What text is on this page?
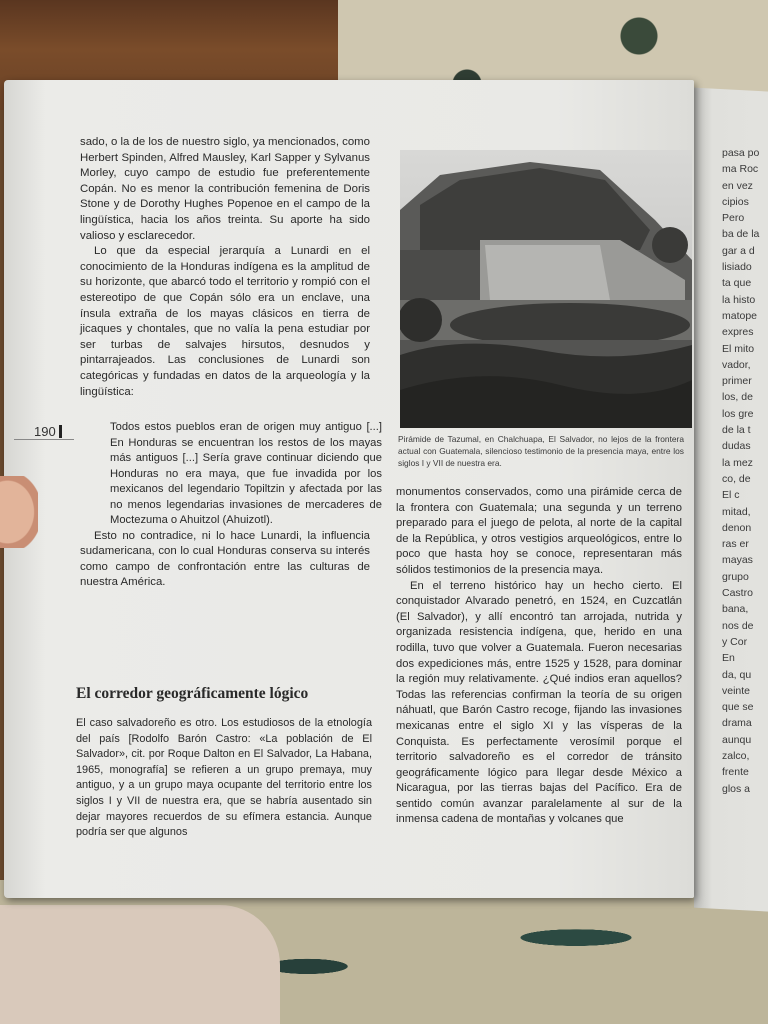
pasa po
ma Roc
en vez
cipios
Pero
ba de la
gar a d
lisiado
ta que
la histo
matope
expres
El mito
vador,
primer
los, de
los gre
de la t
dudas
la mez
co, de
El c
mitad,
denon
ras er
mayas
grupo
Castro
bana,
nos de
y Cor
En
da, qu
veinte
que se
drama
aunqu
zalco,
frente
glos a
190

sado, o la de los de nuestro siglo, ya mencionados, como Herbert Spinden, Alfred Mausley, Karl Sapper y Sylvanus Morley, cuyo campo de estudio fue preferentemente Copán. No es menor la contribución femenina de Doris Stone y de Dorothy Hughes Popenoe en el campo de la lingüística, hacia los años treinta. Su aporte ha sido valioso y esclarecedor.

Lo que da especial jerarquía a Lunardi en el conocimiento de la Honduras indígena es la amplitud de su horizonte, que abarcó todo el territorio y rompió con el estereotipo de que Copán sólo era un enclave, una ínsula extraña de los mayas clásicos en tierra de jicaques y chontales, que no valía la pena estudiar por ser turbas de salvajes hirsutos, desnudos y pintarrajeados. Las conclusiones de Lunardi son categóricas y fundadas en datos de la arqueología y la lingüística:

Todos estos pueblos eran de origen muy antiguo [...] En Honduras se encuentran los restos de los mayas más antiguos [...] Sería grave continuar diciendo que Honduras no era maya, que fue invadida por los mexicanos del legendario Topiltzin y afectada por las no menos legendarias invasiones de mercaderes de Moctezuma o Ahuitzol (Ahuizotl).

Esto no contradice, ni lo hace Lunardi, la influencia sudamericana, con lo cual Honduras conserva su interés como campo de confrontación entre las culturas de nuestra América.

El corredor geográficamente lógico

El caso salvadoreño es otro. Los estudiosos de la etnología del país [Rodolfo Barón Castro: «La población de El Salvador», cit. por Roque Dalton en El Salvador, La Habana, 1965, monografía] se refieren a un grupo premaya, muy antiguo, y a un grupo maya ocupante del territorio entre los siglos I y VII de nuestra era, que se habría ausentado sin dejar mayores recuerdos de su efímera estancia. Aunque podría ser que algunos

Pirámide de Tazumal, en Chalchuapa, El Salvador, no lejos de la frontera actual con Guatemala, silencioso testimonio de la presencia maya, entre los siglos I y VII de nuestra era.

monumentos conservados, como una pirámide cerca de la frontera con Guatemala; una segunda y un terreno preparado para el juego de pelota, al norte de la capital de la República, y otros vestigios arqueológicos, entre lo poco que hasta hoy se conoce, representaran más sólidos testimonios de la presencia maya.

En el terreno histórico hay un hecho cierto. El conquistador Alvarado penetró, en 1524, en Cuzcatlán (El Salvador), y allí encontró tan arrojada, nutrida y organizada resistencia indígena, que, herido en una rodilla, tuvo que volver a Guatemala. Fueron necesarias dos expediciones más, entre 1525 y 1528, para dominar la región muy relativamente. ¿Qué indios eran aquellos? Todas las referencias confirman la teoría de su origen náhuatl, que Barón Castro recoge, fijando las invasiones mexicanas entre el siglo XI y las vísperas de la Conquista. Es perfectamente verosímil porque el territorio salvadoreño es el corredor de tránsito geográficamente lógico para llegar desde México a Nicaragua, por las tierras bajas del Pacífico. Era de sentido común avanzar paralelamente al sur de la inmensa cadena de montañas y volcanes que
